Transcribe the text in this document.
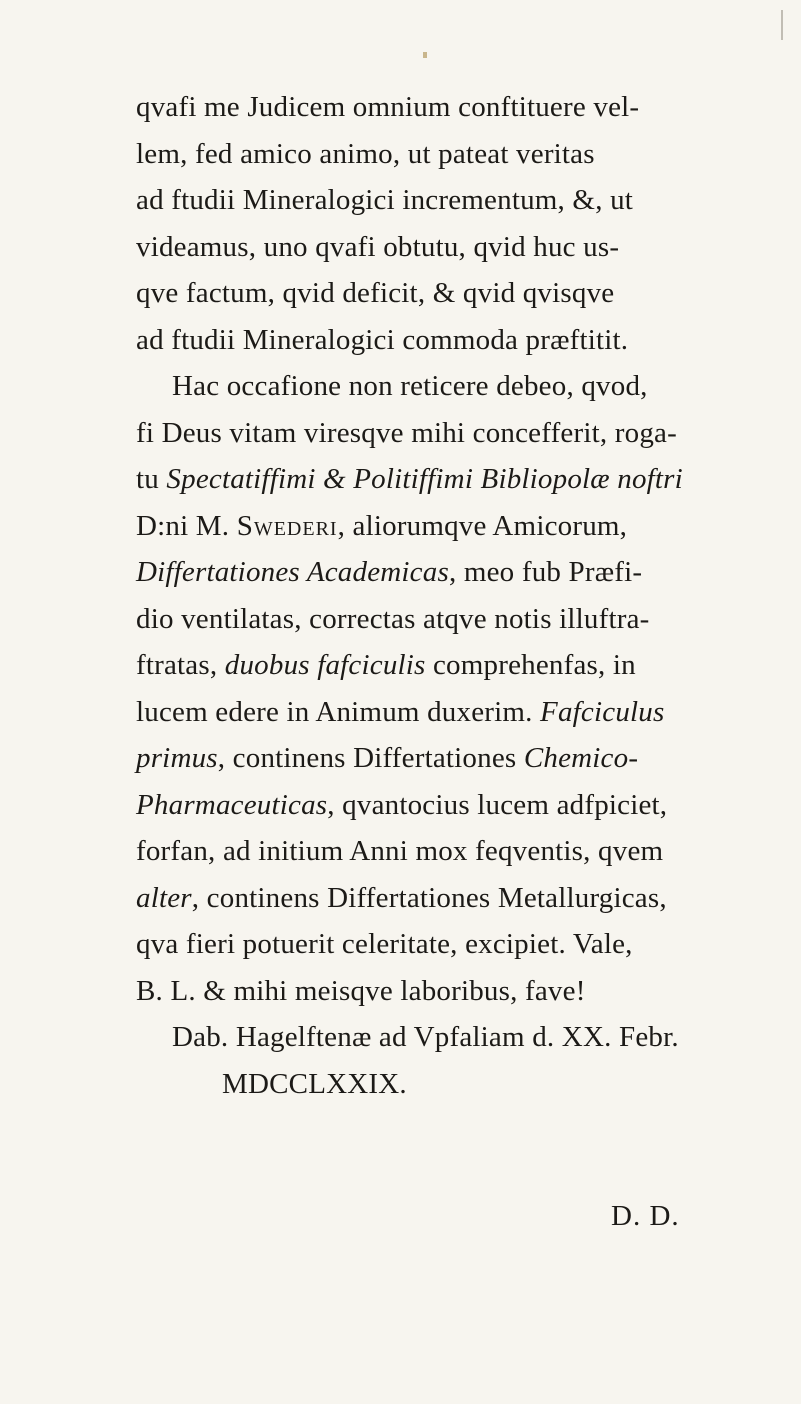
qvafi me Judicem omnium conftituere vel-
lem, fed amico animo, ut pateat veritas
ad ftudii Mineralogici incrementum, &, ut
videamus, uno qvafi obtutu, qvid huc us-
qve factum, qvid deficit, & qvid qvisqve
ad ftudii Mineralogici commoda præftitit.
Hac occafione non reticere debeo, qvod,
fi Deus vitam viresqve mihi concefferit, roga-
tu Spectatiffimi & Politiffimi Bibliopolæ noftri
D:ni M. Swederi, aliorumqve Amicorum,
Differtationes Academicas, meo fub Præfi-
dio ventilatas, correctas atqve notis illuftra-
ftratas, duobus fafciculis comprehenfas, in
lucem edere in Animum duxerim. Fafciculus
primus, continens Differtationes Chemico-
Pharmaceuticas, qvantocius lucem adfpiciet,
forfan, ad initium Anni mox feqventis, qvem
alter, continens Differtationes Metallurgicas,
qva fieri potuerit celeritate, excipiet. Vale,
B. L. & mihi meisqve laboribus, fave!
Dab. Hagelftenæ ad Vpfaliam d. XX. Febr.
MDCCLXXIX.
D. D.
